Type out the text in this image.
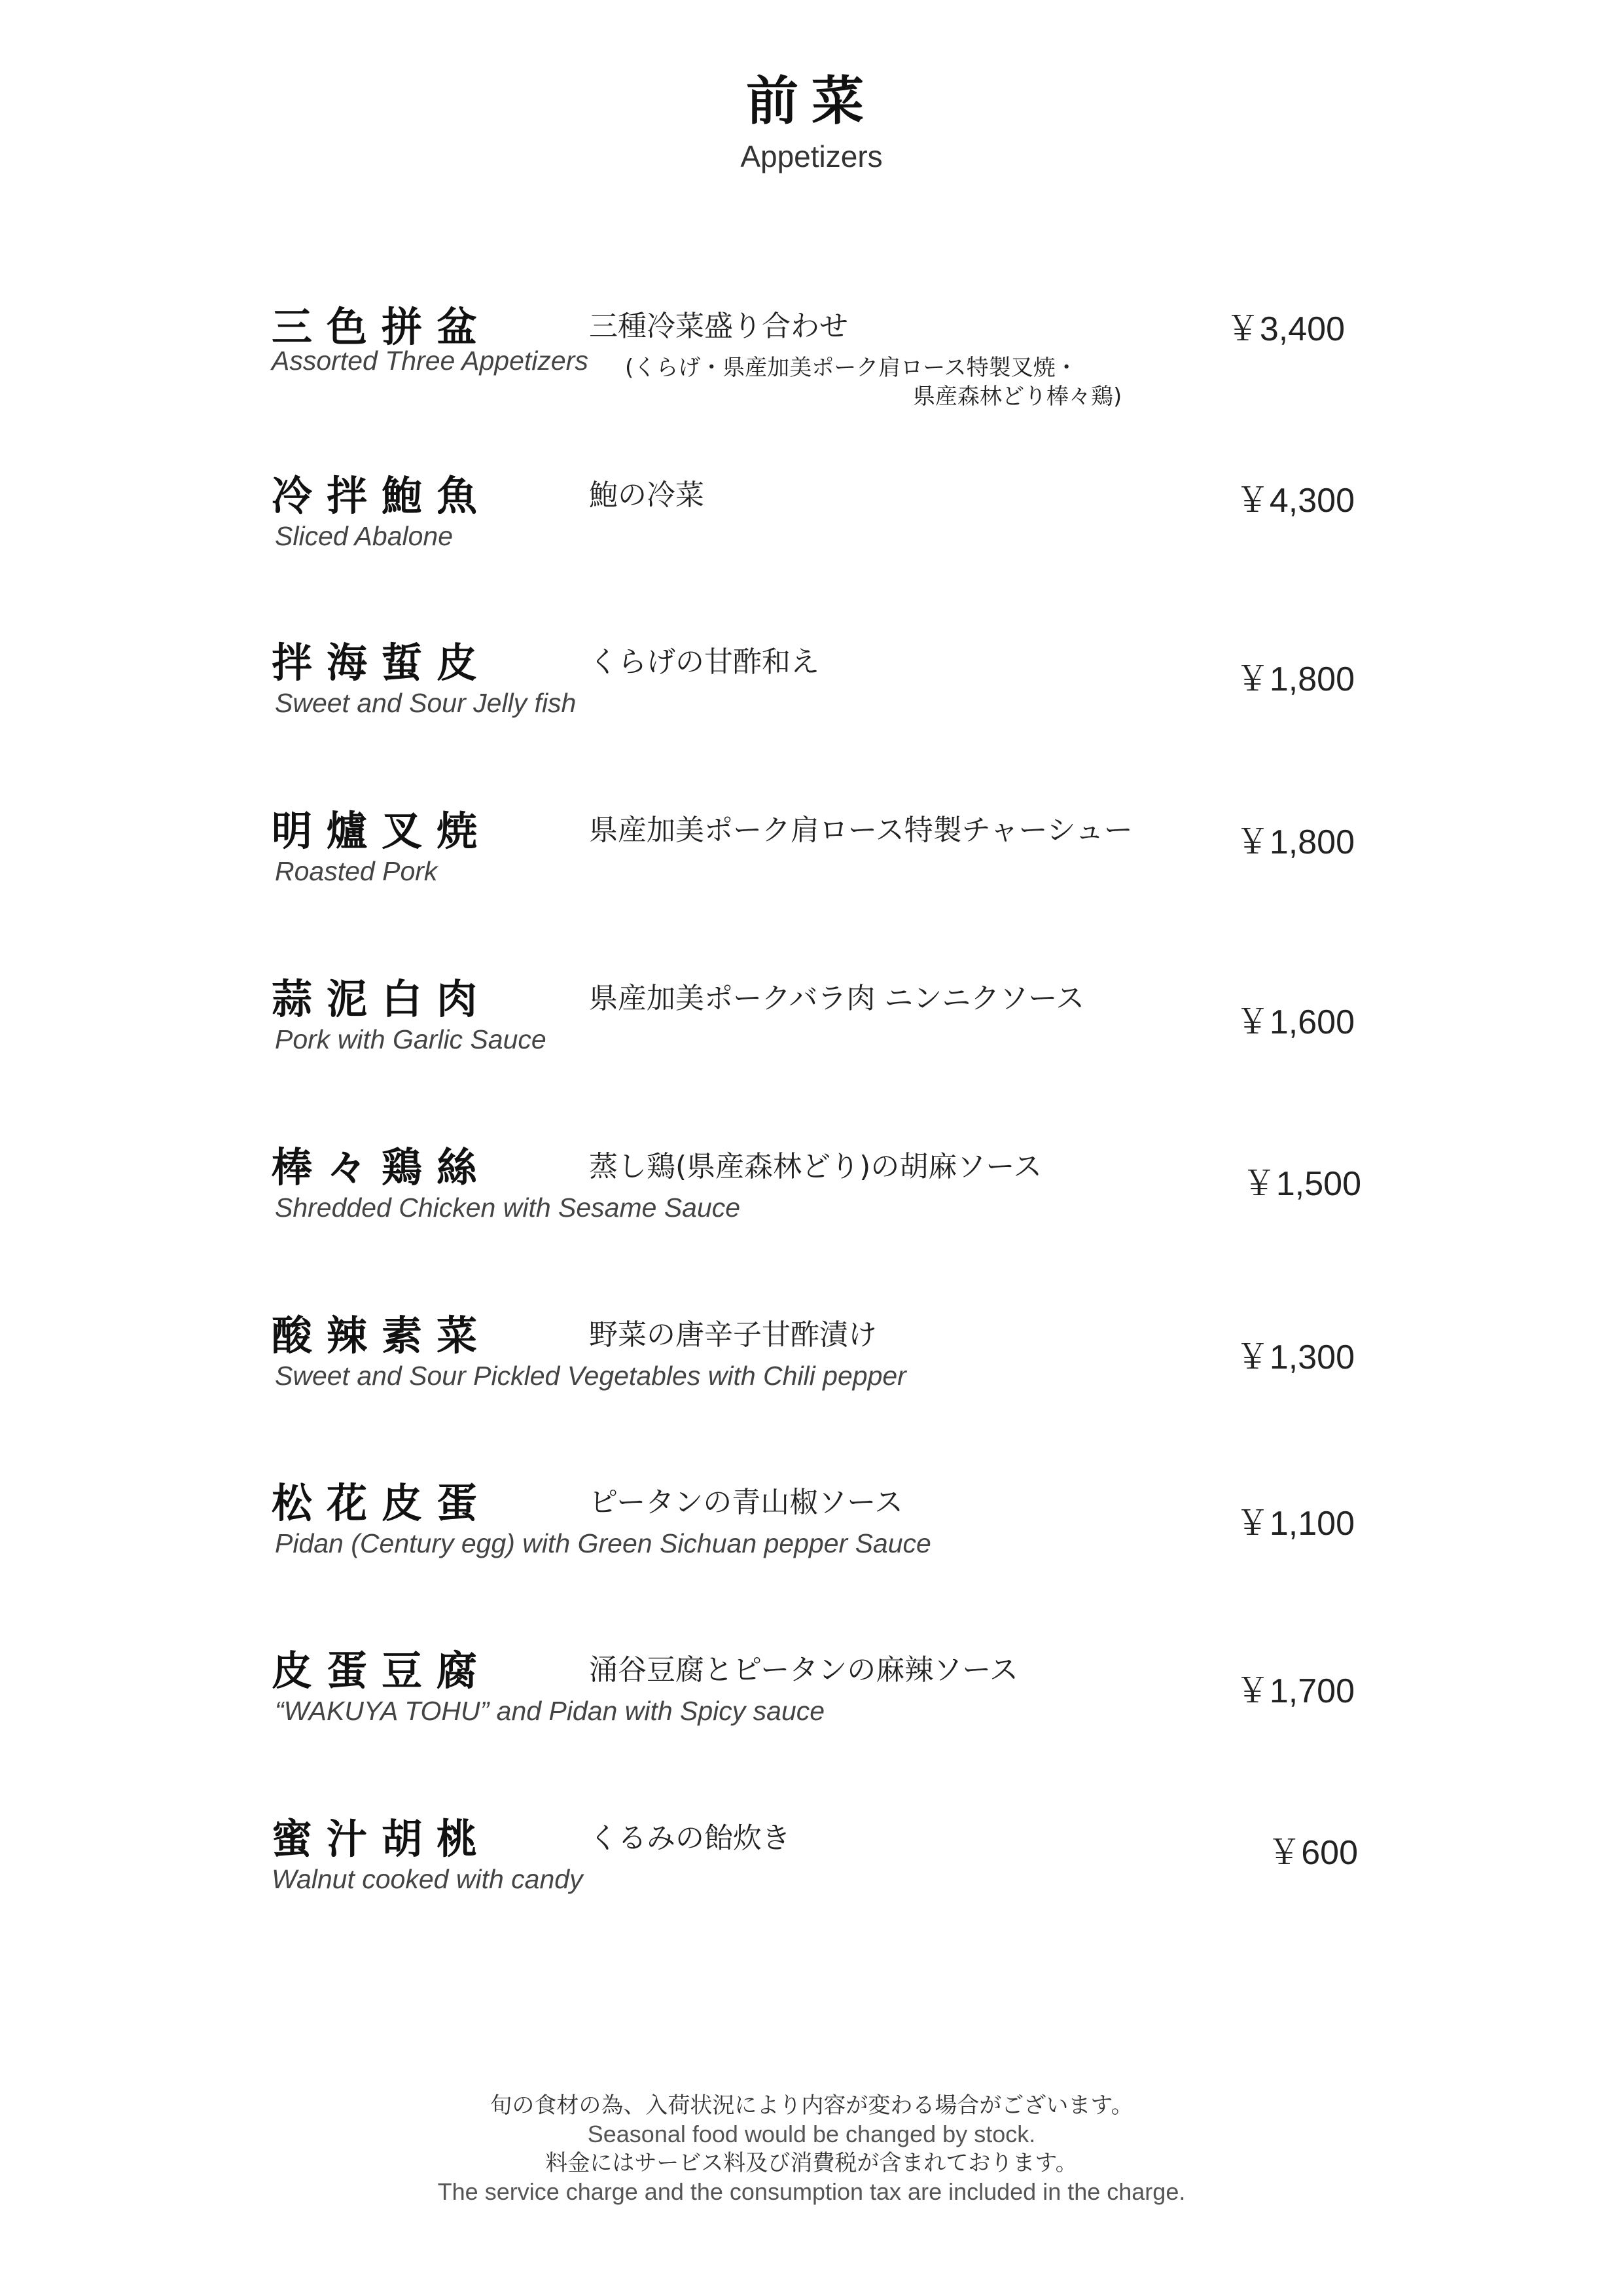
前菜
Appetizers
三色拼盆	三種冷菜盛り合わせ
(くらげ・県産加美ポーク肩ロース特製叉焼・
県産森林どり棒々鶏)
Assorted Three Appetizers
￥3,400
冷拌鮑魚	鮑の冷菜
Sliced Abalone
￥4,300
拌海蜇皮	くらげの甘酢和え
Sweet and Sour Jelly fish
￥1,800
明爐叉焼	県産加美ポーク肩ロース特製チャーシュー
Roasted Pork
￥1,800
蒜泥白肉	県産加美ポークバラ肉 ニンニクソース
Pork with Garlic Sauce	￥1,600
棒々鶏絲	蒸し鶏(県産森林どり)の胡麻ソース
Shredded Chicken with Sesame Sauce
￥1,500
酸辣素菜	野菜の唐辛子甘酢漬け
Sweet and Sour Pickled Vegetables with Chili pepper	￥1,300
松花皮蛋	ピータンの青山椒ソース
Pidan (Century egg) with Green Sichuan pepper Sauce
￥1,100
皮蛋豆腐	涌谷豆腐とピータンの麻辣ソース
“WAKUYA TOHU” and Pidan with Spicy sauce
￥1,700
蜜汁胡桃	くるみの飴炊き
Walnut cooked with candy
￥600
旬の食材の為、入荷状況により内容が変わる場合がございます。
Seasonal food would be changed by stock.
料金にはサービス料及び消費税が含まれております。
The service charge and the consumption tax are included in the charge.
